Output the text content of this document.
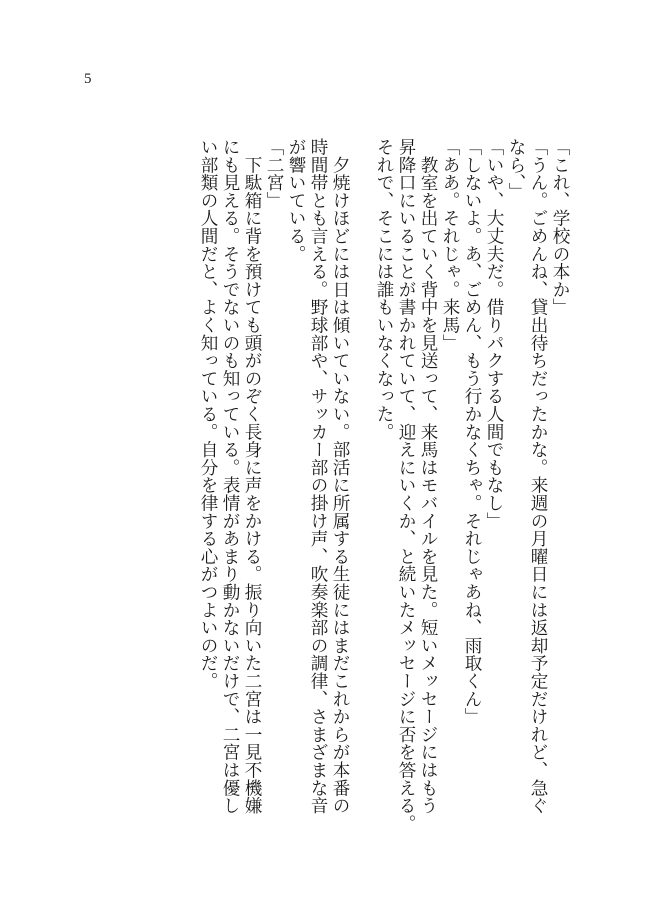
5
「これ、学校の本か」
「うん。ごめんね、貸出待ちだったかな。来週の月曜日には返却予定だけれど、急ぐ
なら、」
「いや、大丈夫だ。借りパクする人間でもなし」
「しないよ。あ、ごめん、もう行かなくちゃ。それじゃあね、雨取くん」
「ああ。それじゃ。来馬」
　教室を出ていく背中を見送って、来馬はモバイルを見た。短いメッセージにはもう
昇降口にいることが書かれていて、迎えにいくか、と続いたメッセージに否を答える。
それで、そこには誰もいなくなった。
　夕焼けほどには日は傾いていない。部活に所属する生徒にはまだこれからが本番の
時間帯とも言える。野球部や、サッカー部の掛け声、吹奏楽部の調律、さまざまな音
が響いている。
「二宮」
　下駄箱に背を預けても頭がのぞく長身に声をかける。振り向いた二宮は一見不機嫌
にも見える。そうでないのも知っている。表情があまり動かないだけで、二宮は優し
い部類の人間だと、よく知っている。自分を律する心がつよいのだ。
